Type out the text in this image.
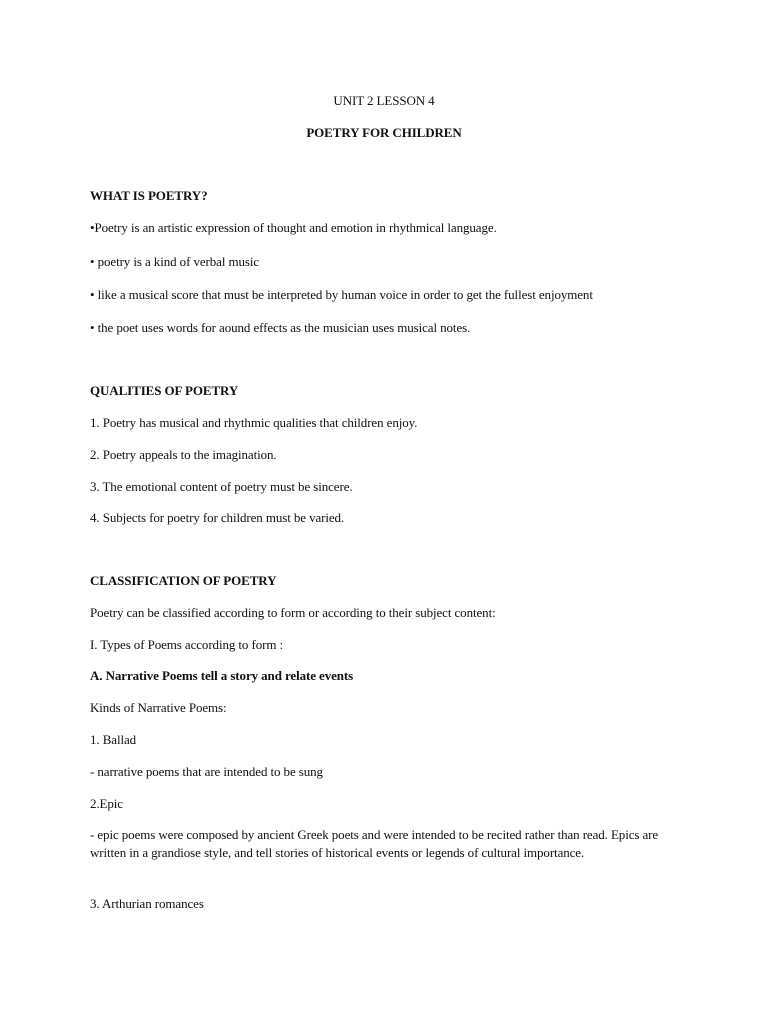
UNIT 2 LESSON 4
POETRY FOR CHILDREN
WHAT IS POETRY?
•Poetry is an artistic expression of thought and emotion in rhythmical language.
• poetry is a kind of verbal music
• like a musical score that must be interpreted by human voice in order to get the fullest enjoyment
• the poet uses words for aound effects as the musician uses musical notes.
QUALITIES OF POETRY
1. Poetry has musical and rhythmic qualities that children enjoy.
2. Poetry appeals to the imagination.
3. The emotional content of poetry must be sincere.
4. Subjects for poetry for children must be varied.
CLASSIFICATION OF POETRY
Poetry can be classified according to form or according to their subject content:
I. Types of Poems according to form :
A. Narrative Poems tell a story and relate events
Kinds of Narrative Poems:
1. Ballad
- narrative poems that are intended to be sung
2.Epic
- epic poems were composed by ancient Greek poets and were intended to be recited rather than read. Epics are written in a grandiose style, and tell stories of historical events or legends of cultural importance.
3. Arthurian romances
